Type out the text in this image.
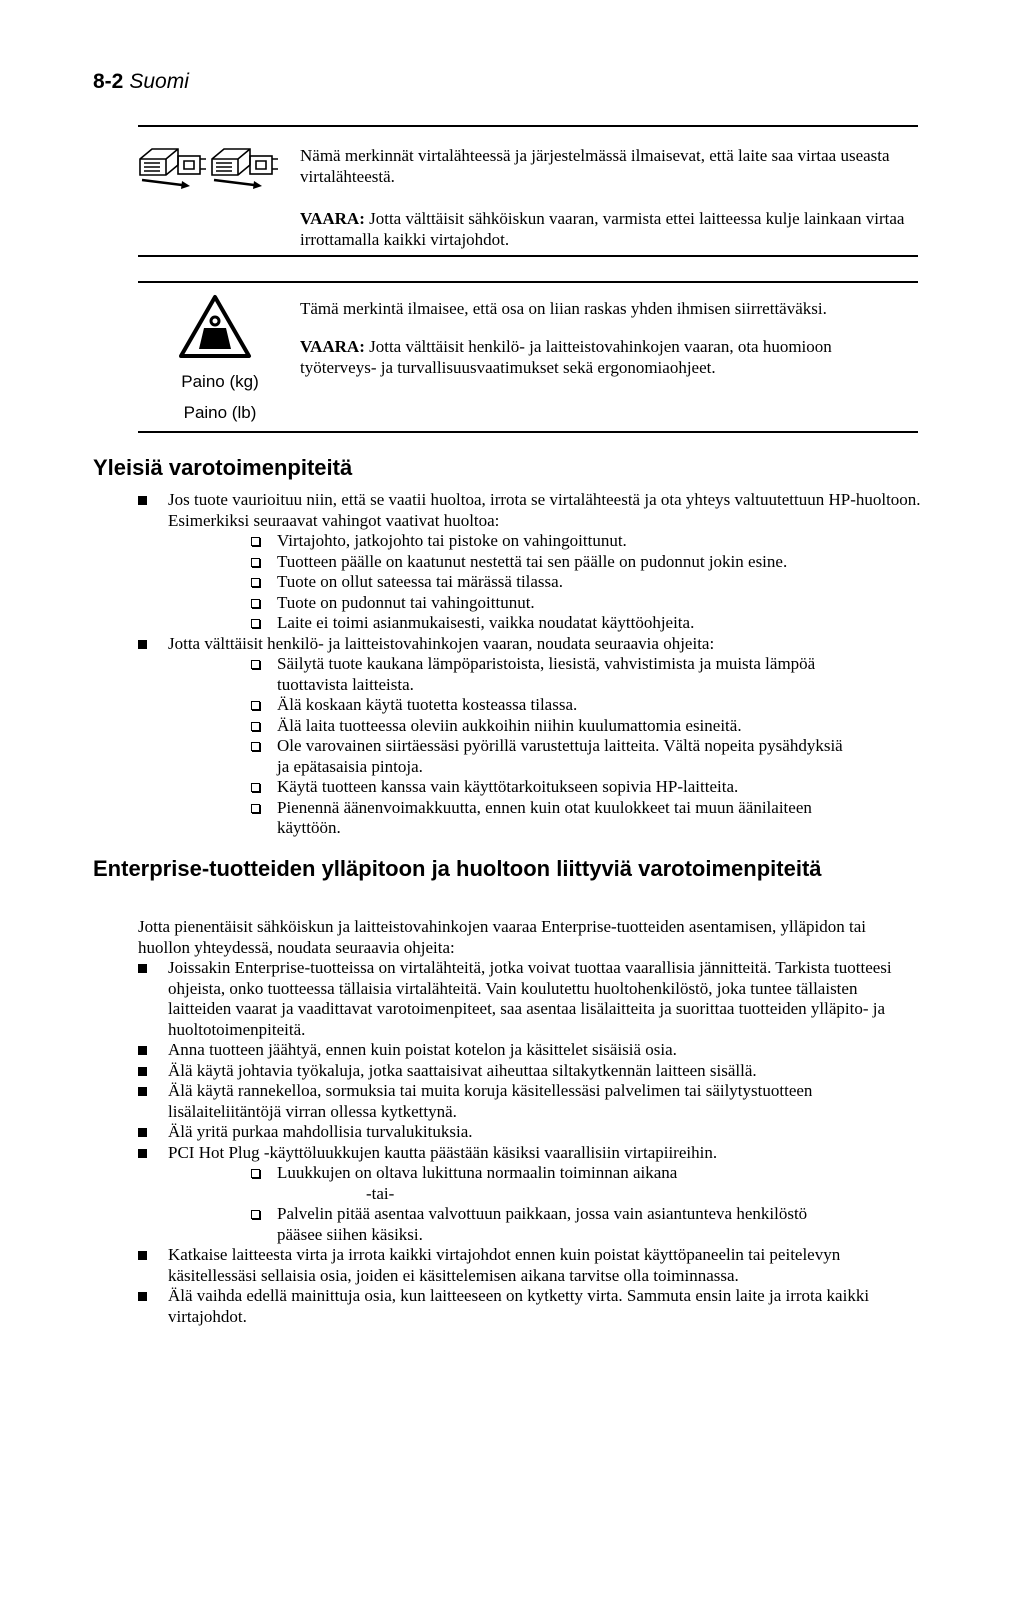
8-2 Suomi

Nämä merkinnät virtalähteessä ja järjestelmässä ilmaisevat, että laite saa virtaa useasta virtalähteestä.

VAARA: Jotta välttäisit sähköiskun vaaran, varmista ettei laitteessa kulje lainkaan virtaa irrottamalla kaikki virtajohdot.

Paino (kg)
Paino (lb)

Tämä merkintä ilmaisee, että osa on liian raskas yhden ihmisen siirrettäväksi.

VAARA: Jotta välttäisit henkilö- ja laitteistovahinkojen vaaran, ota huomioon työterveys- ja turvallisuusvaatimukset sekä ergonomiaohjeet.

Yleisiä varotoimenpiteitä
Jos tuote vaurioituu niin, että se vaatii huoltoa, irrota se virtalähteestä ja ota yhteys valtuutettuun HP-huoltoon. Esimerkiksi seuraavat vahingot vaativat huoltoa:
Virtajohto, jatkojohto tai pistoke on vahingoittunut.
Tuotteen päälle on kaatunut nestettä tai sen päälle on pudonnut jokin esine.
Tuote on ollut sateessa tai märässä tilassa.
Tuote on pudonnut tai vahingoittunut.
Laite ei toimi asianmukaisesti, vaikka noudatat käyttöohjeita.
Jotta välttäisit henkilö- ja laitteistovahinkojen vaaran, noudata seuraavia ohjeita:
Säilytä tuote kaukana lämpöparistoista, liesistä, vahvistimista ja muista lämpöä tuottavista laitteista.
Älä koskaan käytä tuotetta kosteassa tilassa.
Älä laita tuotteessa oleviin aukkoihin niihin kuulumattomia esineitä.
Ole varovainen siirtäessäsi pyörillä varustettuja laitteita. Vältä nopeita pysähdyksiä ja epätasaisia pintoja.
Käytä tuotteen kanssa vain käyttötarkoitukseen sopivia HP-laitteita.
Pienennä äänenvoimakkuutta, ennen kuin otat kuulokkeet tai muun äänilaiteen käyttöön.
Enterprise-tuotteiden ylläpitoon ja huoltoon liittyviä varotoimenpiteitä

Jotta pienentäisit sähköiskun ja laitteistovahinkojen vaaraa Enterprise-tuotteiden asentamisen, ylläpidon tai huollon yhteydessä, noudata seuraavia ohjeita:

Joissakin Enterprise-tuotteissa on virtalähteitä, jotka voivat tuottaa vaarallisia jännitteitä. Tarkista tuotteesi ohjeista, onko tuotteessa tällaisia virtalähteitä. Vain koulutettu huoltohenkilöstö, joka tuntee tällaisten laitteiden vaarat ja vaadittavat varotoimenpiteet, saa asentaa lisälaitteita ja suorittaa tuotteiden ylläpito- ja huoltotoimenpiteitä.
Anna tuotteen jäähtyä, ennen kuin poistat kotelon ja käsittelet sisäisiä osia.
Älä käytä johtavia työkaluja, jotka saattaisivat aiheuttaa siltakytkennän laitteen sisällä.
Älä käytä rannekelloa, sormuksia tai muita koruja käsitellessäsi palvelimen tai säilytystuotteen lisälaiteliitäntöjä virran ollessa kytkettynä.
Älä yritä purkaa mahdollisia turvalukituksia.
PCI Hot Plug -käyttöluukkujen kautta päästään käsiksi vaarallisiin virtapiireihin.
Luukkujen on oltava lukittuna normaalin toiminnan aikana
-tai-
Palvelin pitää asentaa valvottuun paikkaan, jossa vain asiantunteva henkilöstö pääsee siihen käsiksi.
Katkaise laitteesta virta ja irrota kaikki virtajohdot ennen kuin poistat käyttöpaneelin tai peitelevyn käsitellessäsi sellaisia osia, joiden ei käsittelemisen aikana tarvitse olla toiminnassa.
Älä vaihda edellä mainittuja osia, kun laitteeseen on kytketty virta. Sammuta ensin laite ja irrota kaikki virtajohdot.
